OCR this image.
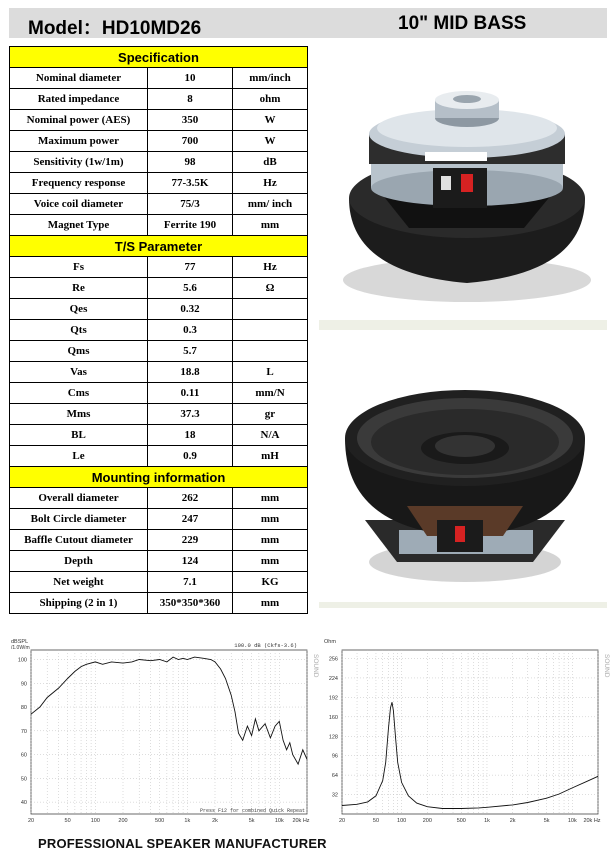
Model：HD10MD26	10" MID BASS
Specification		
Nominal diameter	10	mm/inch
Rated impedance	8	ohm
Nominal power (AES)	350	W
Maximum power	700	W
Sensitivity (1w/1m)	98	dB
Frequency response	77-3.5K	Hz
Voice coil diameter	75/3	mm/ inch
Magnet Type	Ferrite 190	mm
T/S Parameter		
Fs	77	Hz
Re	5.6	Ω
Qes	0.32	
Qts	0.3	
Qms	5.7	
Vas	18.8	L
Cms	0.11	mm/N
Mms	37.3	gr
BL	18	N/A
Le	0.9	mH
Mounting information		
Overall diameter	262	mm
Bolt Circle diameter	247	mm
Baffle Cutout diameter	229	mm
Depth	124	mm
Net weight	7.1	KG
Shipping (2 in 1)	350*350*360	mm
100
90
80
70
60
50
40
20	50	100	200	500	1k	2k	5k	10k 20k Hz
dBSPL
/1.0W/m	100.0 dB (Ckfs-3.6)
SOUND
Press F12 for combined Quick Repeat
256
224
192
160
128
96
64
32
20	50	100	200	500	1k	2k	5k	10k 20k Hz
Ohm
SOUND
PROFESSIONAL SPEAKER MANUFACTURER
